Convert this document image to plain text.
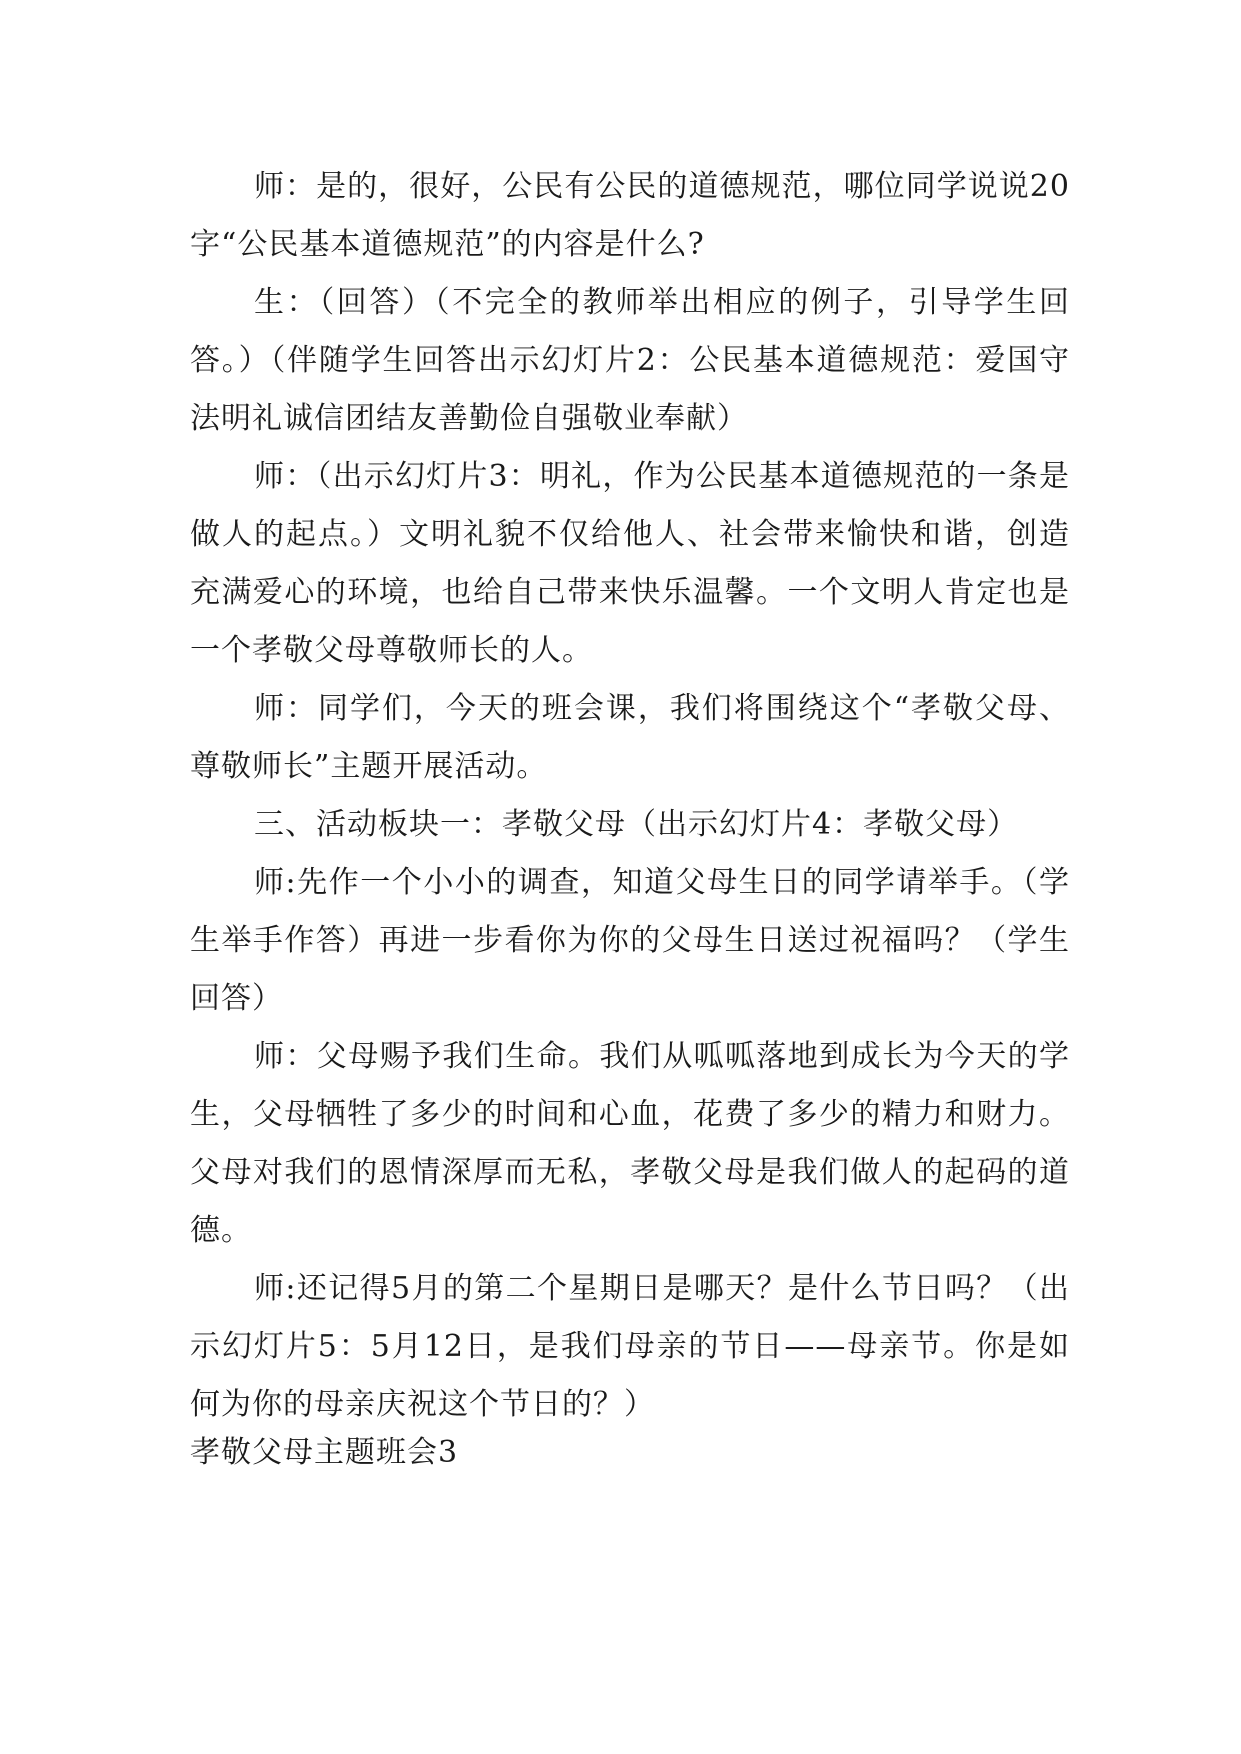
师：是的，很好，公民有公民的道德规范，哪位同学说说20字“公民基本道德规范”的内容是什么?

生：（回答）（不完全的教师举出相应的例子，引导学生回答。）（伴随学生回答出示幻灯片2：公民基本道德规范：爱国守法明礼诚信团结友善勤俭自强敬业奉献）

师：（出示幻灯片3：明礼，作为公民基本道德规范的一条是做人的起点。）文明礼貌不仅给他人、社会带来愉快和谐，创造充满爱心的环境，也给自己带来快乐温馨。一个文明人肯定也是一个孝敬父母尊敬师长的人。

师：同学们，今天的班会课，我们将围绕这个“孝敬父母、尊敬师长”主题开展活动。

三、活动板块一：孝敬父母（出示幻灯片4：孝敬父母）

师:先作一个小小的调查，知道父母生日的同学请举手。（学生举手作答）再进一步看你为你的父母生日送过祝福吗？（学生回答）

师：父母赐予我们生命。我们从呱呱落地到成长为今天的学生，父母牺牲了多少的时间和心血，花费了多少的精力和财力。父母对我们的恩情深厚而无私，孝敬父母是我们做人的起码的道德。

师:还记得5月的第二个星期日是哪天？是什么节日吗？（出示幻灯片5：5月12日，是我们母亲的节日——母亲节。你是如何为你的母亲庆祝这个节日的？）

孝敬父母主题班会3
